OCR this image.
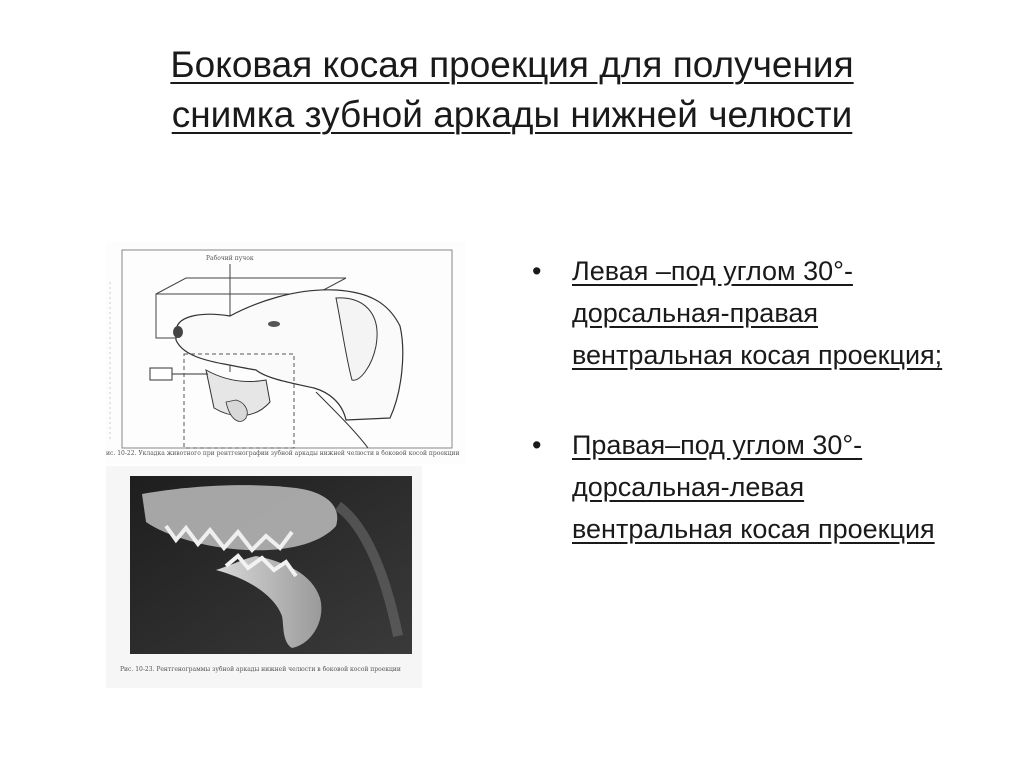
Боковая косая проекция для получения
снимка зубной аркады нижней челюсти
Рабочий пучок
Рис. 10-22. Укладка животного при рентгенографии зубной аркады нижней челюсти в боковой косой проекции
Рис. 10-23. Рентгенограммы зубной аркады нижней челюсти в боковой косой проекции
• Левая –под углом 30°-дорсальная-правая вентральная косая проекция;
• Правая–под углом 30°-дорсальная-левая вентральная косая проекция
